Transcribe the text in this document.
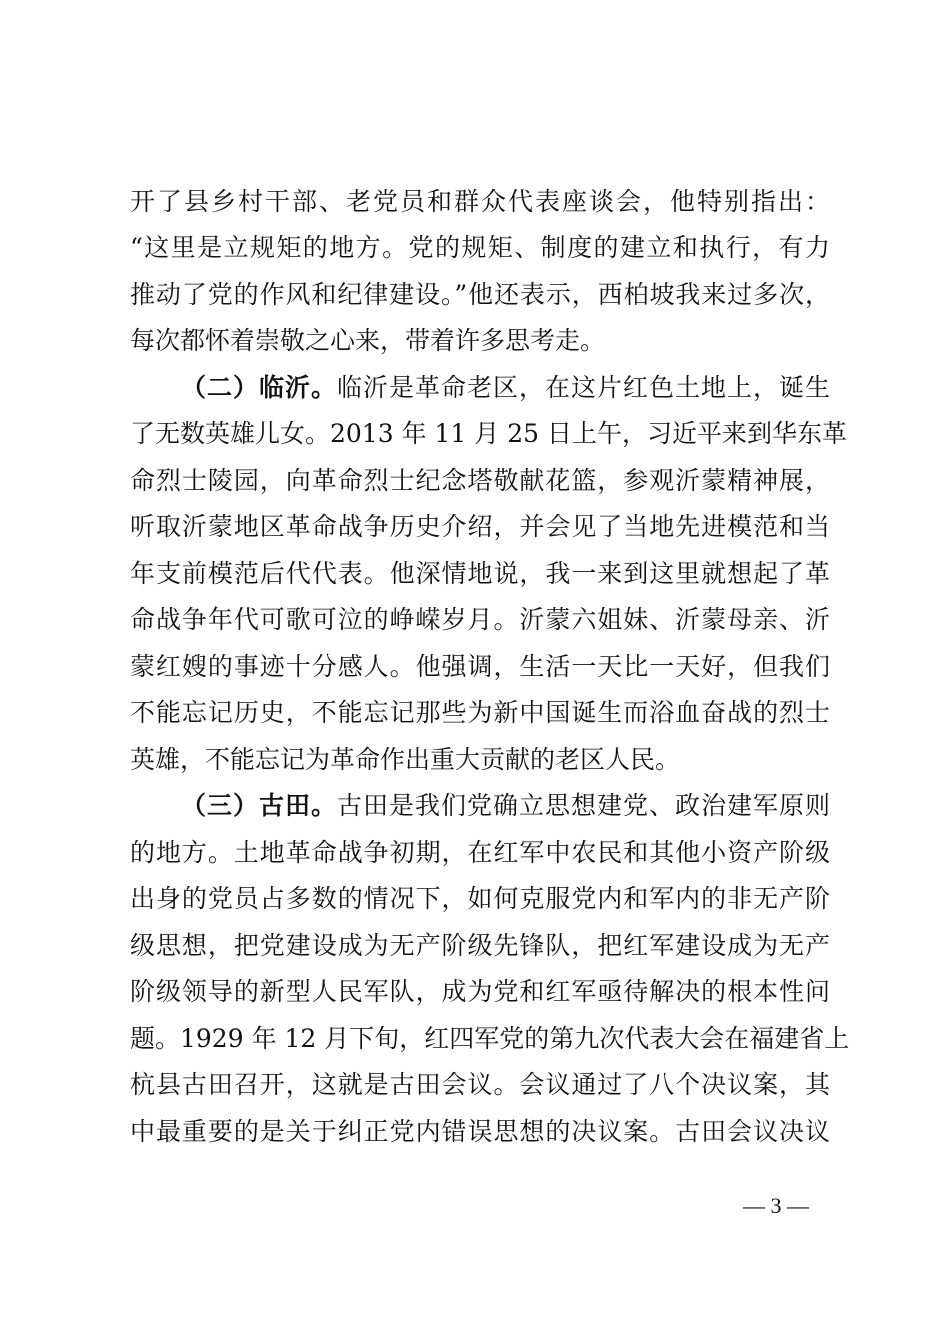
开了县乡村干部、老党员和群众代表座谈会，他特别指出：
“这里是立规矩的地方。党的规矩、制度的建立和执行，有力
推动了党的作风和纪律建设。”他还表示，西柏坡我来过多次，
每次都怀着崇敬之心来，带着许多思考走。
（二）临沂。临沂是革命老区，在这片红色土地上，诞生
了无数英雄儿女。2013 年 11 月 25 日上午，习近平来到华东革
命烈士陵园，向革命烈士纪念塔敬献花篮，参观沂蒙精神展，
听取沂蒙地区革命战争历史介绍，并会见了当地先进模范和当
年支前模范后代代表。他深情地说，我一来到这里就想起了革
命战争年代可歌可泣的峥嵘岁月。沂蒙六姐妹、沂蒙母亲、沂
蒙红嫂的事迹十分感人。他强调，生活一天比一天好，但我们
不能忘记历史，不能忘记那些为新中国诞生而浴血奋战的烈士
英雄，不能忘记为革命作出重大贡献的老区人民。
（三）古田。古田是我们党确立思想建党、政治建军原则
的地方。土地革命战争初期，在红军中农民和其他小资产阶级
出身的党员占多数的情况下，如何克服党内和军内的非无产阶
级思想，把党建设成为无产阶级先锋队，把红军建设成为无产
阶级领导的新型人民军队，成为党和红军亟待解决的根本性问
题。1929 年 12 月下旬，红四军党的第九次代表大会在福建省上
杭县古田召开，这就是古田会议。会议通过了八个决议案，其
中最重要的是关于纠正党内错误思想的决议案。古田会议决议
— 3 —
